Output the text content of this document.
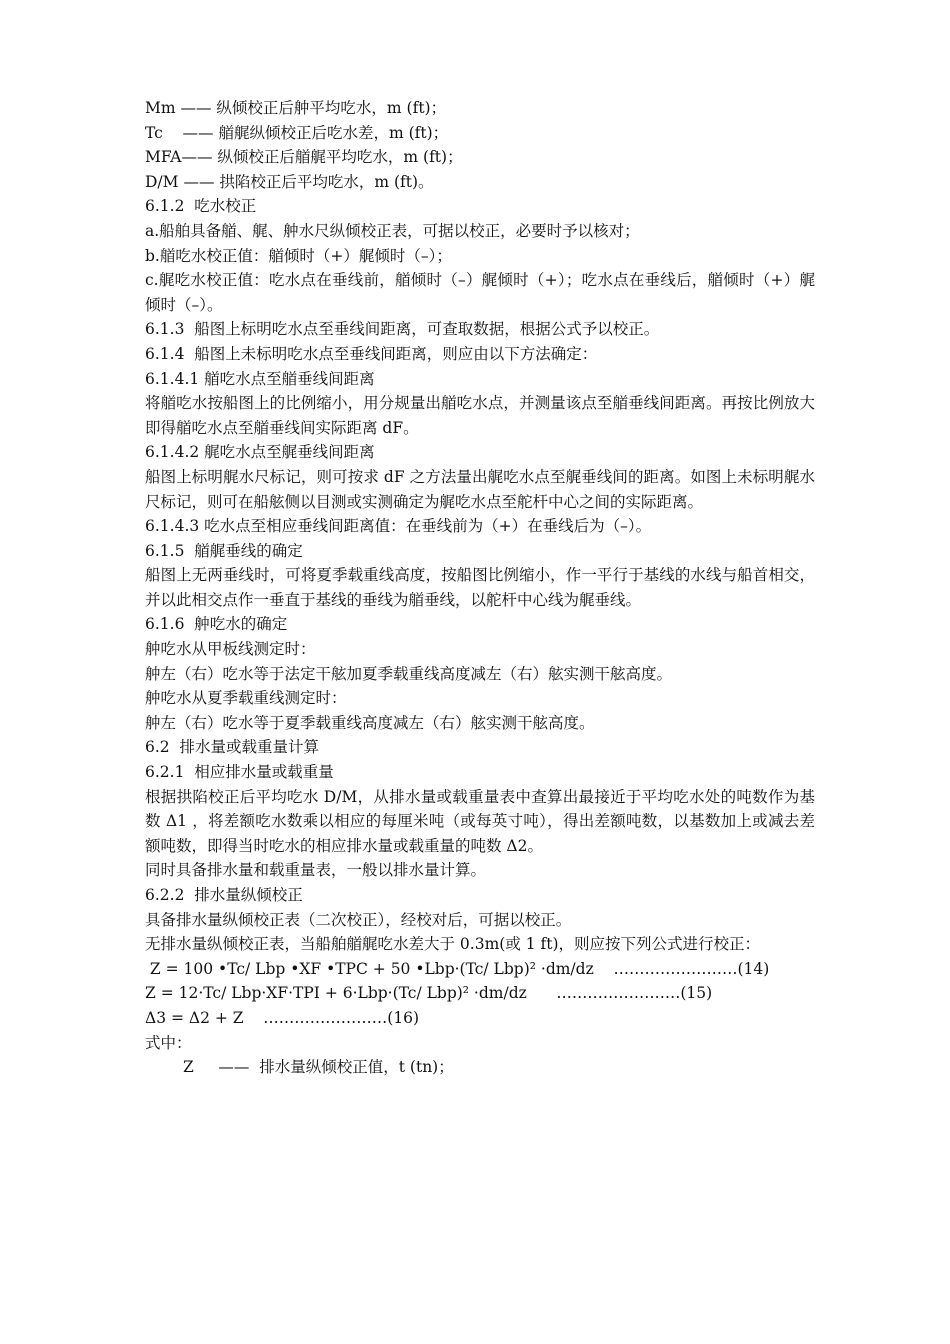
Mm —— 纵倾校正后舯平均吃水，m (ft)；

Tc    —— 艏艉纵倾校正后吃水差，m (ft)；

MFA—— 纵倾校正后艏艉平均吃水，m (ft)；

D/M —— 拱陷校正后平均吃水，m (ft)。

6.1.2  吃水校正

a.船舶具备艏、艉、舯水尺纵倾校正表，可据以校正，必要时予以核对；

b.艏吃水校正值：艏倾时（+）艉倾时（–）；

c.艉吃水校正值：吃水点在垂线前，艏倾时（–）艉倾时（+）；吃水点在垂线后，艏倾时（+）艉倾时（–）。

6.1.3  船图上标明吃水点至垂线间距离，可查取数据，根据公式予以校正。

6.1.4  船图上未标明吃水点至垂线间距离，则应由以下方法确定：

6.1.4.1 艏吃水点至艏垂线间距离

将艏吃水按船图上的比例缩小，用分规量出艏吃水点，并测量该点至艏垂线间距离。再按比例放大即得艏吃水点至艏垂线间实际距离 dF。

6.1.4.2 艉吃水点至艉垂线间距离

船图上标明艉水尺标记，则可按求 dF 之方法量出艉吃水点至艉垂线间的距离。如图上未标明艉水尺标记，则可在船舷侧以目测或实测确定为艉吃水点至舵杆中心之间的实际距离。

6.1.4.3 吃水点至相应垂线间距离值：在垂线前为（+）在垂线后为（–）。

6.1.5  艏艉垂线的确定

船图上无两垂线时，可将夏季载重线高度，按船图比例缩小，作一平行于基线的水线与船首相交，并以此相交点作一垂直于基线的垂线为艏垂线，以舵杆中心线为艉垂线。

6.1.6  舯吃水的确定

舯吃水从甲板线测定时：

舯左（右）吃水等于法定干舷加夏季载重线高度减左（右）舷实测干舷高度。

舯吃水从夏季载重线测定时：

舯左（右）吃水等于夏季载重线高度减左（右）舷实测干舷高度。

6.2  排水量或载重量计算

6.2.1  相应排水量或载重量

根据拱陷校正后平均吃水 D/M，从排水量或载重量表中查算出最接近于平均吃水处的吨数作为基数 Δ1 ，将差额吃水数乘以相应的每厘米吨（或每英寸吨），得出差额吨数，以基数加上或减去差额吨数，即得当时吃水的相应排水量或载重量的吨数 Δ2。

同时具备排水量和载重量表，一般以排水量计算。

6.2.2  排水量纵倾校正

具备排水量纵倾校正表（二次校正），经校对后，可据以校正。

无排水量纵倾校正表，当船舶艏艉吃水差大于 0.3m(或 1 ft)，则应按下列公式进行校正：

Z = 100 •Tc/ Lbp •XF •TPC + 50 •Lbp·(Tc/ Lbp)² ·dm/dz    ……………………(14)

Z = 12·Tc/ Lbp·XF·TPI + 6·Lbp·(Tc/ Lbp)² ·dm/dz      ……………………(15)

Δ3 = Δ2 + Z    ……………………(16)

式中：

Z     ——  排水量纵倾校正值，t (tn)；
